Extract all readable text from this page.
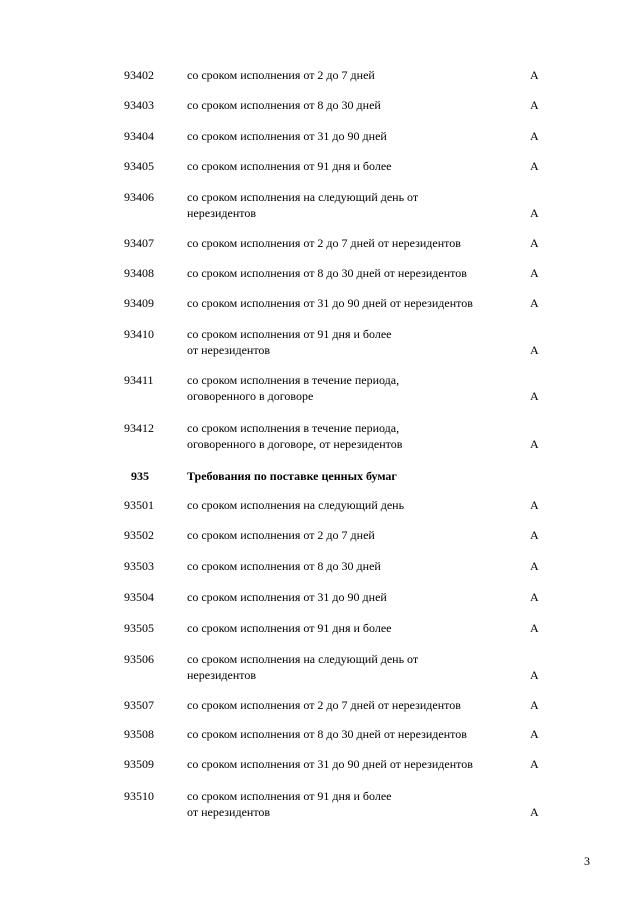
93402	со сроком исполнения от 2 до 7 дней	А
93403	со сроком исполнения от 8 до 30 дней	А
93404	со сроком исполнения от 31 до 90 дней	А
93405	со сроком исполнения от 91 дня и более	А
93406	со сроком исполнения на следующий день от
нерезидентов	А
93407	со сроком исполнения от 2 до 7 дней от нерезидентов	А
93408	со сроком исполнения от 8 до 30 дней от нерезидентов	А
93409	со сроком исполнения от 31 до 90 дней от нерезидентов	А
93410	со сроком исполнения от 91 дня и более
от нерезидентов	А
93411	со сроком исполнения в течение периода,
оговоренного в договоре	А
93412	со сроком исполнения в течение периода,
оговоренного в договоре, от нерезидентов	А
935	Требования по поставке ценных бумаг
93501	со сроком исполнения на следующий день	А
93502	со сроком исполнения от 2 до 7 дней	А
93503	со сроком исполнения от 8 до 30 дней	А
93504	со сроком исполнения от 31 до 90 дней	А
93505	со сроком исполнения от 91 дня и более	А
93506	со сроком исполнения на следующий день от
нерезидентов	А
93507	со сроком исполнения от 2 до 7 дней от нерезидентов	А
93508	со сроком исполнения от 8 до 30 дней от нерезидентов	А
93509	со сроком исполнения от 31 до 90 дней от нерезидентов	А
93510	со сроком исполнения от 91 дня и более
от нерезидентов	А
3
